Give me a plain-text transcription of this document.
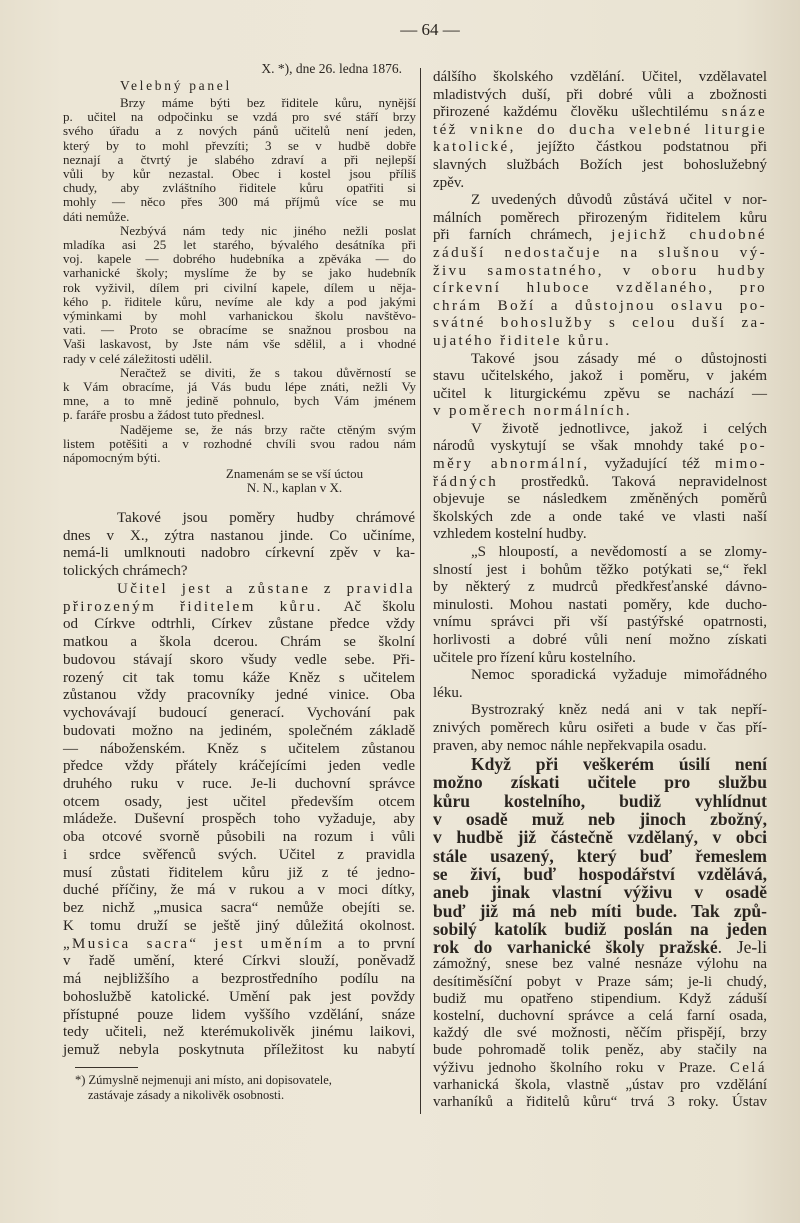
— 64 —
X. *), dne 26. ledna 1876.
Velebný panel
Brzy máme býti bez řiditele kůru, nynější
p. učitel na odpočinku se vzdá pro své stáří brzy
svého úřadu a z nových pánů učitelů není jeden,
který by to mohl převzíti; 3 se v hudbě dobře
neznají a čtvrtý je slabého zdraví a při nejlepší
vůli by kůr nezastal. Obec i kostel jsou příliš
chudy, aby zvláštního řiditele kůru opatřiti si
mohly — něco přes 300 má příjmů více se mu
dáti nemůže.
Nezbývá nám tedy nic jiného nežli poslat
mladíka asi 25 let starého, bývalého desátníka při
voj. kapele — dobrého hudebníka a zpěváka — do
varhanické školy; myslíme že by se jako hudebník
rok vyživil, dílem pri civilní kapele, dílem u něja-
kého p. řiditele kůru, nevíme ale kdy a pod jakými
výminkami by mohl varhanickou školu navštěvo-
vati. — Proto se obracíme se snažnou prosbou na
Vaši laskavost, by Jste nám vše sdělil, a i vhodné
rady v celé záležitosti udělil.
Neračtež se diviti, že s takou důvěrností se
k Vám obracíme, já Vás budu lépe znáti, nežli Vy
mne, a to mně jedině pohnulo, bych Vám jménem
p. faráře prosbu a žádost tuto přednesl.
Nadějeme se, že nás brzy račte ctěným svým
listem potěšiti a v rozhodné chvíli svou radou nám
nápomocným býti.
Znamenám se se vší úctou
N. N., kaplan v X.
Takové jsou poměry hudby chrámové
dnes v X., zýtra nastanou jinde. Co učiníme,
nemá-li umlknouti nadobro církevní zpěv v ka-
tolických chrámech?
Učitel jest a zůstane z pravidla
přirozeným řiditelem kůru. Ač školu
od Církve odtrhli, Církev zůstane předce vždy
matkou a škola dcerou. Chrám se školní
budovou stávají skoro všudy vedle sebe. Při-
rozený cit tak tomu káže Kněz s učitelem
zůstanou vždy pracovníky jedné vinice. Oba
vychovávají budoucí generací. Vychování pak
budovati možno na jediném, společném základě
— náboženském. Kněz s učitelem zůstanou
předce vždy přátely kráčejícími jeden vedle
druhého ruku v ruce. Je-li duchovní správce
otcem osady, jest učitel především otcem
mládeže. Duševní prospěch toho vyžaduje, aby
oba otcové svorně působili na rozum i vůli
i srdce svěřenců svých. Učitel z pravidla
musí zůstati řiditelem kůru již z té jedno-
duché příčiny, že má v rukou a v moci dítky,
bez nichž „musica sacra“ nemůže obejíti se.
K tomu druží se ještě jiný důležitá okolnost.
„Musica sacra“ jest uměním a to první
v řadě umění, které Církvi slouží, poněvadž
má nejbližšího a bezprostředního podílu na
bohoslužbě katolické. Umění pak jest povždy
přístupné pouze lidem vyššího vzdělání, snáze
tedy učiteli, než kterémukolivěk jinému laikovi,
jemuž nebyla poskytnuta příležitost ku nabytí
*) Zúmyslně nejmenuji ani místo, ani dopisovatele,
zastávaje zásady a nikolivěk osobnosti.
dálšího školského vzdělání. Učitel, vzdělavatel
mladistvých duší, při dobré vůli a zbožnosti
přirozené každému člověku ušlechtilému snáze
též vnikne do ducha velebné liturgie
katolické, jejížto částkou podstatnou při
slavných službách Božích jest bohoslužebný
zpěv.
Z uvedených důvodů zůstává učitel v nor-
málních poměrech přirozeným řiditelem kůru
při farních chrámech, jejichž chudobné
záduší nedostačuje na slušnou vý-
živu samostatného, v oboru hudby
církevní hluboce vzdělaného, pro
chrám Boží a důstojnou oslavu po-
svátné bohoslužby s celou duší za-
ujatého řiditele kůru.
Takové jsou zásady mé o důstojnosti
stavu učitelského, jakož i poměru, v jakém
učitel k liturgickému zpěvu se nachází —
v poměrech normálních.
V životě jednotlivce, jakož i celých
národů vyskytují se však mnohdy také po-
měry abnormální, vyžadující též mimo-
řádných prostředků. Taková nepravidelnost
objevuje se následkem změněných poměrů
školských zde a onde také ve vlasti naší
vzhledem kostelní hudby.
„S hloupostí, a nevědomostí a se zlomy-
slností jest i bohům těžko potýkati se,“ řekl
by některý z mudrců předkřesťanské dávno-
minulosti. Mohou nastati poměry, kde ducho-
vnímu správci při vší pastýřské opatrnosti,
horlivosti a dobré vůli není možno získati
učitele pro řízení kůru kostelního.
Nemoc sporadická vyžaduje mimořádného
léku.
Bystrozraký kněz nedá ani v tak nepří-
znivých poměrech kůru osiřeti a bude v čas pří-
praven, aby nemoc náhle nepřekvapila osadu.
Když při veškerém úsilí není
možno získati učitele pro službu
kůru kostelního, budiž vyhlídnut
v osadě muž neb jinoch zbožný,
v hudbě již částečně vzdělaný, v obci
stále usazený, který buď řemeslem
se živí, buď hospodářství vzdělává,
aneb jinak vlastní výživu v osadě
buď již má neb míti bude. Tak způ-
sobilý katolík budiž poslán na jeden
rok do varhanické školy pražské. Je-li
zámožný, snese bez valné nesnáze výlohu na
desítiměsíční pobyt v Praze sám; je-li chudý,
budiž mu opatřeno stipendium. Když záduší
kostelní, duchovní správce a celá farní osada,
každý dle své možnosti, něčím přispějí, brzy
bude pohromadě tolik peněz, aby stačily na
výživu jednoho školního roku v Praze. Celá
varhanická škola, vlastně „ústav pro vzdělání
varhaníků a řiditelů kůru“ trvá 3 roky. Ústav
